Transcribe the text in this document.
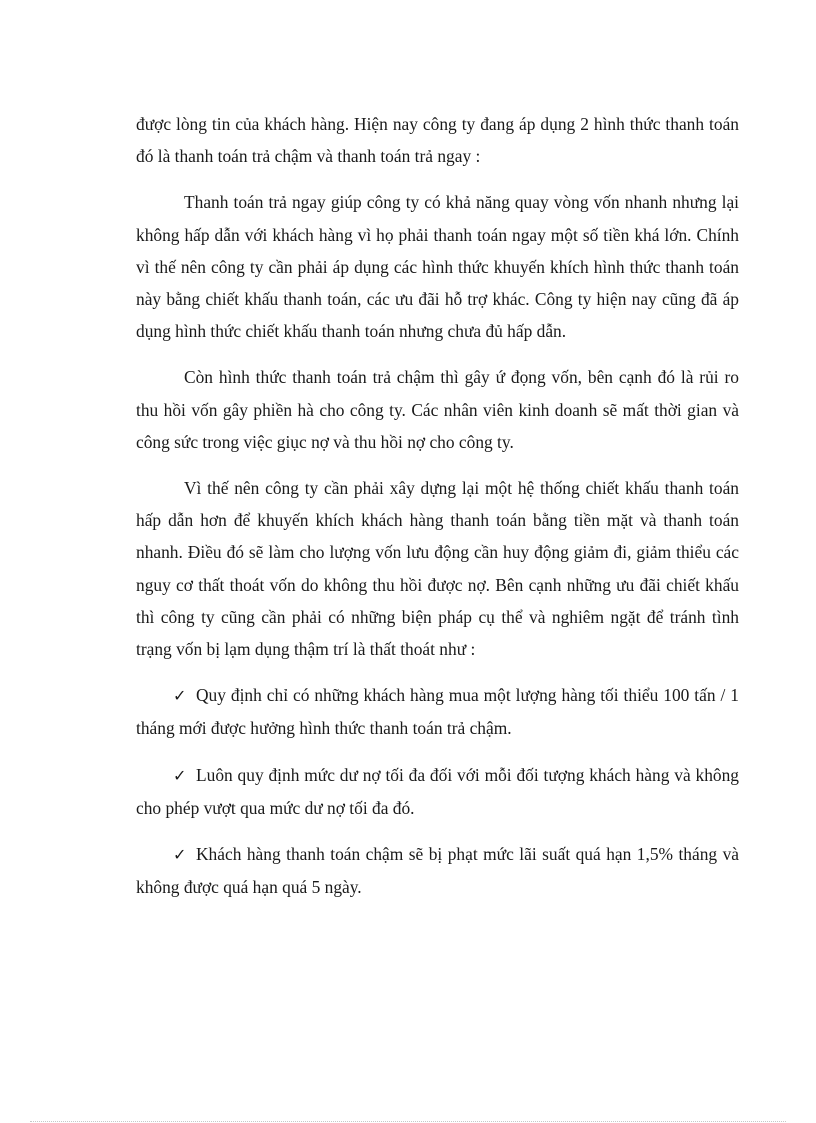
được lòng tin của khách hàng. Hiện nay công ty đang áp dụng 2 hình thức thanh toán đó là thanh toán trả chậm và thanh toán trả ngay :

Thanh toán trả ngay giúp công ty có khả năng quay vòng vốn nhanh nhưng lại không hấp dẫn với khách hàng vì họ phải thanh toán ngay một số tiền khá lớn. Chính vì thế nên công ty cần phải áp dụng các hình thức khuyến khích hình thức thanh toán này bằng chiết khấu thanh toán, các ưu đãi hỗ trợ khác. Công ty hiện nay cũng đã áp dụng hình thức chiết khấu thanh toán nhưng chưa đủ hấp dẫn.

Còn hình thức thanh toán trả chậm thì gây ứ đọng vốn, bên cạnh đó là rủi ro thu hồi vốn gây phiền hà cho công ty. Các nhân viên kinh doanh sẽ mất thời gian và công sức trong việc giục nợ và thu hồi nợ cho công ty.

Vì thế nên công ty cần phải xây dựng lại một hệ thống chiết khấu thanh toán hấp dẫn hơn để khuyến khích khách hàng thanh toán bằng tiền mặt và thanh toán nhanh. Điều đó sẽ làm cho lượng vốn lưu động cần huy động giảm đi, giảm thiểu các nguy cơ thất thoát vốn do không thu hồi được nợ. Bên cạnh những ưu đãi chiết khấu thì công ty cũng cần phải có những biện pháp cụ thể và nghiêm ngặt để tránh tình trạng vốn bị lạm dụng thậm trí là thất thoát như :

✓ Quy định chỉ có những khách hàng mua một lượng hàng tối thiểu 100 tấn / 1 tháng mới được hưởng hình thức thanh toán trả chậm.

✓ Luôn quy định mức dư nợ tối đa đối với mỗi đối tượng khách hàng và không cho phép vượt qua mức dư nợ tối đa đó.

✓ Khách hàng thanh toán chậm sẽ bị phạt mức lãi suất quá hạn 1,5% tháng và không được quá hạn quá 5 ngày.
